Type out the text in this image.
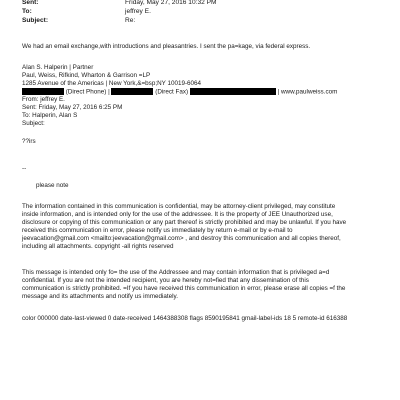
Sent:	Friday, May 27, 2016 10:32 PM
To:	jeffrey E.
Subject:	Re:
We had an email exchange,with introductions and pleasantries. I sent the pa=kage, via federal express.
Alan S. Halperin | Partner
Paul, Weiss, Rifkind, Wharton & Garrison =LP
1285 Avenue of the Americas | New York,&=bsp;NY 10019-6064
(Direct Phone) |	(Direct Fax)	| www.paulweiss.com
From: jeffrey E.
Sent: Friday, May 27, 2016 6:25 PM
To: Halperin, Alan S
Subject:
??irs
--
please note
The information contained in this communication is confidential, may be attorney-client privileged, may constitute
inside information, and is intended only for the use of the addressee. It is the property of JEE Unauthorized use,
disclosure or copying of this communication or any part thereof is strictly prohibited and may be unlawful. If you have
received this communication in error, please notify us immediately by return e-mail or by e-mail to
jeevacation@gmail.com <mailto:jeevacation@gmail.com> , and destroy this communication and all copies thereof,
including all attachments. copyright -all rights reserved
This message is intended only fo= the use of the Addressee and may contain information that is privileged a=d
confidential. If you are not the intended recipient, you are hereby not=fied that any dissemination of this
communication is strictly prohibited. =If you have received this communication in error, please erase all copies =f the
message and its attachments and notify us immediately.
color 000000 date-last-viewed 0 date-received 1464388308 flags 8590195841 gmail-label-ids 18 5 remote-id 616388
